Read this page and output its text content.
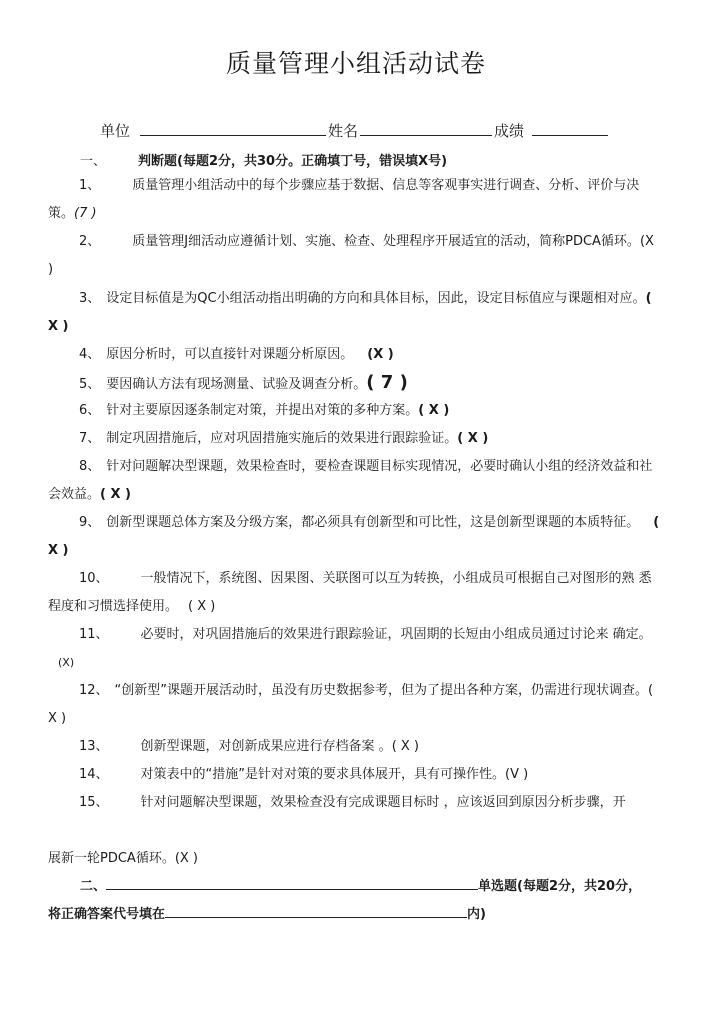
质量管理小组活动试卷
单位	姓名	成绩
一、 判断题(每题2分，共30分。正确填丁号，错误填X号)
1、 质量管理小组活动中的每个步骤应基于数据、信息等客观事实进行调查、分析、评价与决策。(7 )
2、 质量管理J细活动应遵循计划、实施、检查、处理程序开展适宜的活动，简称PDCA循环。(X )
3、 设定目标值是为QC小组活动指出明确的方向和具体目标，因此，设定目标值应与课题相对应。( X )
4、 原因分析时，可以直接针对课题分析原因。 (X )
5、 要因确认方法有现场测量、试验及调查分析。( 7 )
6、 针对主要原因逐条制定对策，并提出对策的多种方案。( X )
7、 制定巩固措施后，应对巩固措施实施后的效果进行跟踪验证。( X )
8、 针对问题解决型课题，效果检查时，要检查课题目标实现情况，必要时确认小组的经济效益和社会效益。( X )
9、 创新型课题总体方案及分级方案，都必须具有创新型和可比性，这是创新型课题的本质特征。 ( X )
10、 一般情况下，系统图、因果图、关联图可以互为转换，小组成员可根据自己对图形的熟 悉程度和习惯选择使用。 ( X )
11、 必要时，对巩固措施后的效果进行跟踪验证，巩固期的长短由小组成员通过讨论来 确定。(X)
12、 “创新型”课题开展活动时，虽没有历史数据参考，但为了提出各种方案，仍需进行现状调查。( X )
13、 创新型课题，对创新成果应进行存档备案 。( X )
14、 对策表中的“措施”是针对对策的要求具体展开，具有可操作性。(V )
15、 针对问题解决型课题，效果检查没有完成课题目标时 ，应该返回到原因分析步骤，开
展新一轮PDCA循环。(X )
二、	单选题(每题2分，共20分，
将正确答案代号填在	内)
